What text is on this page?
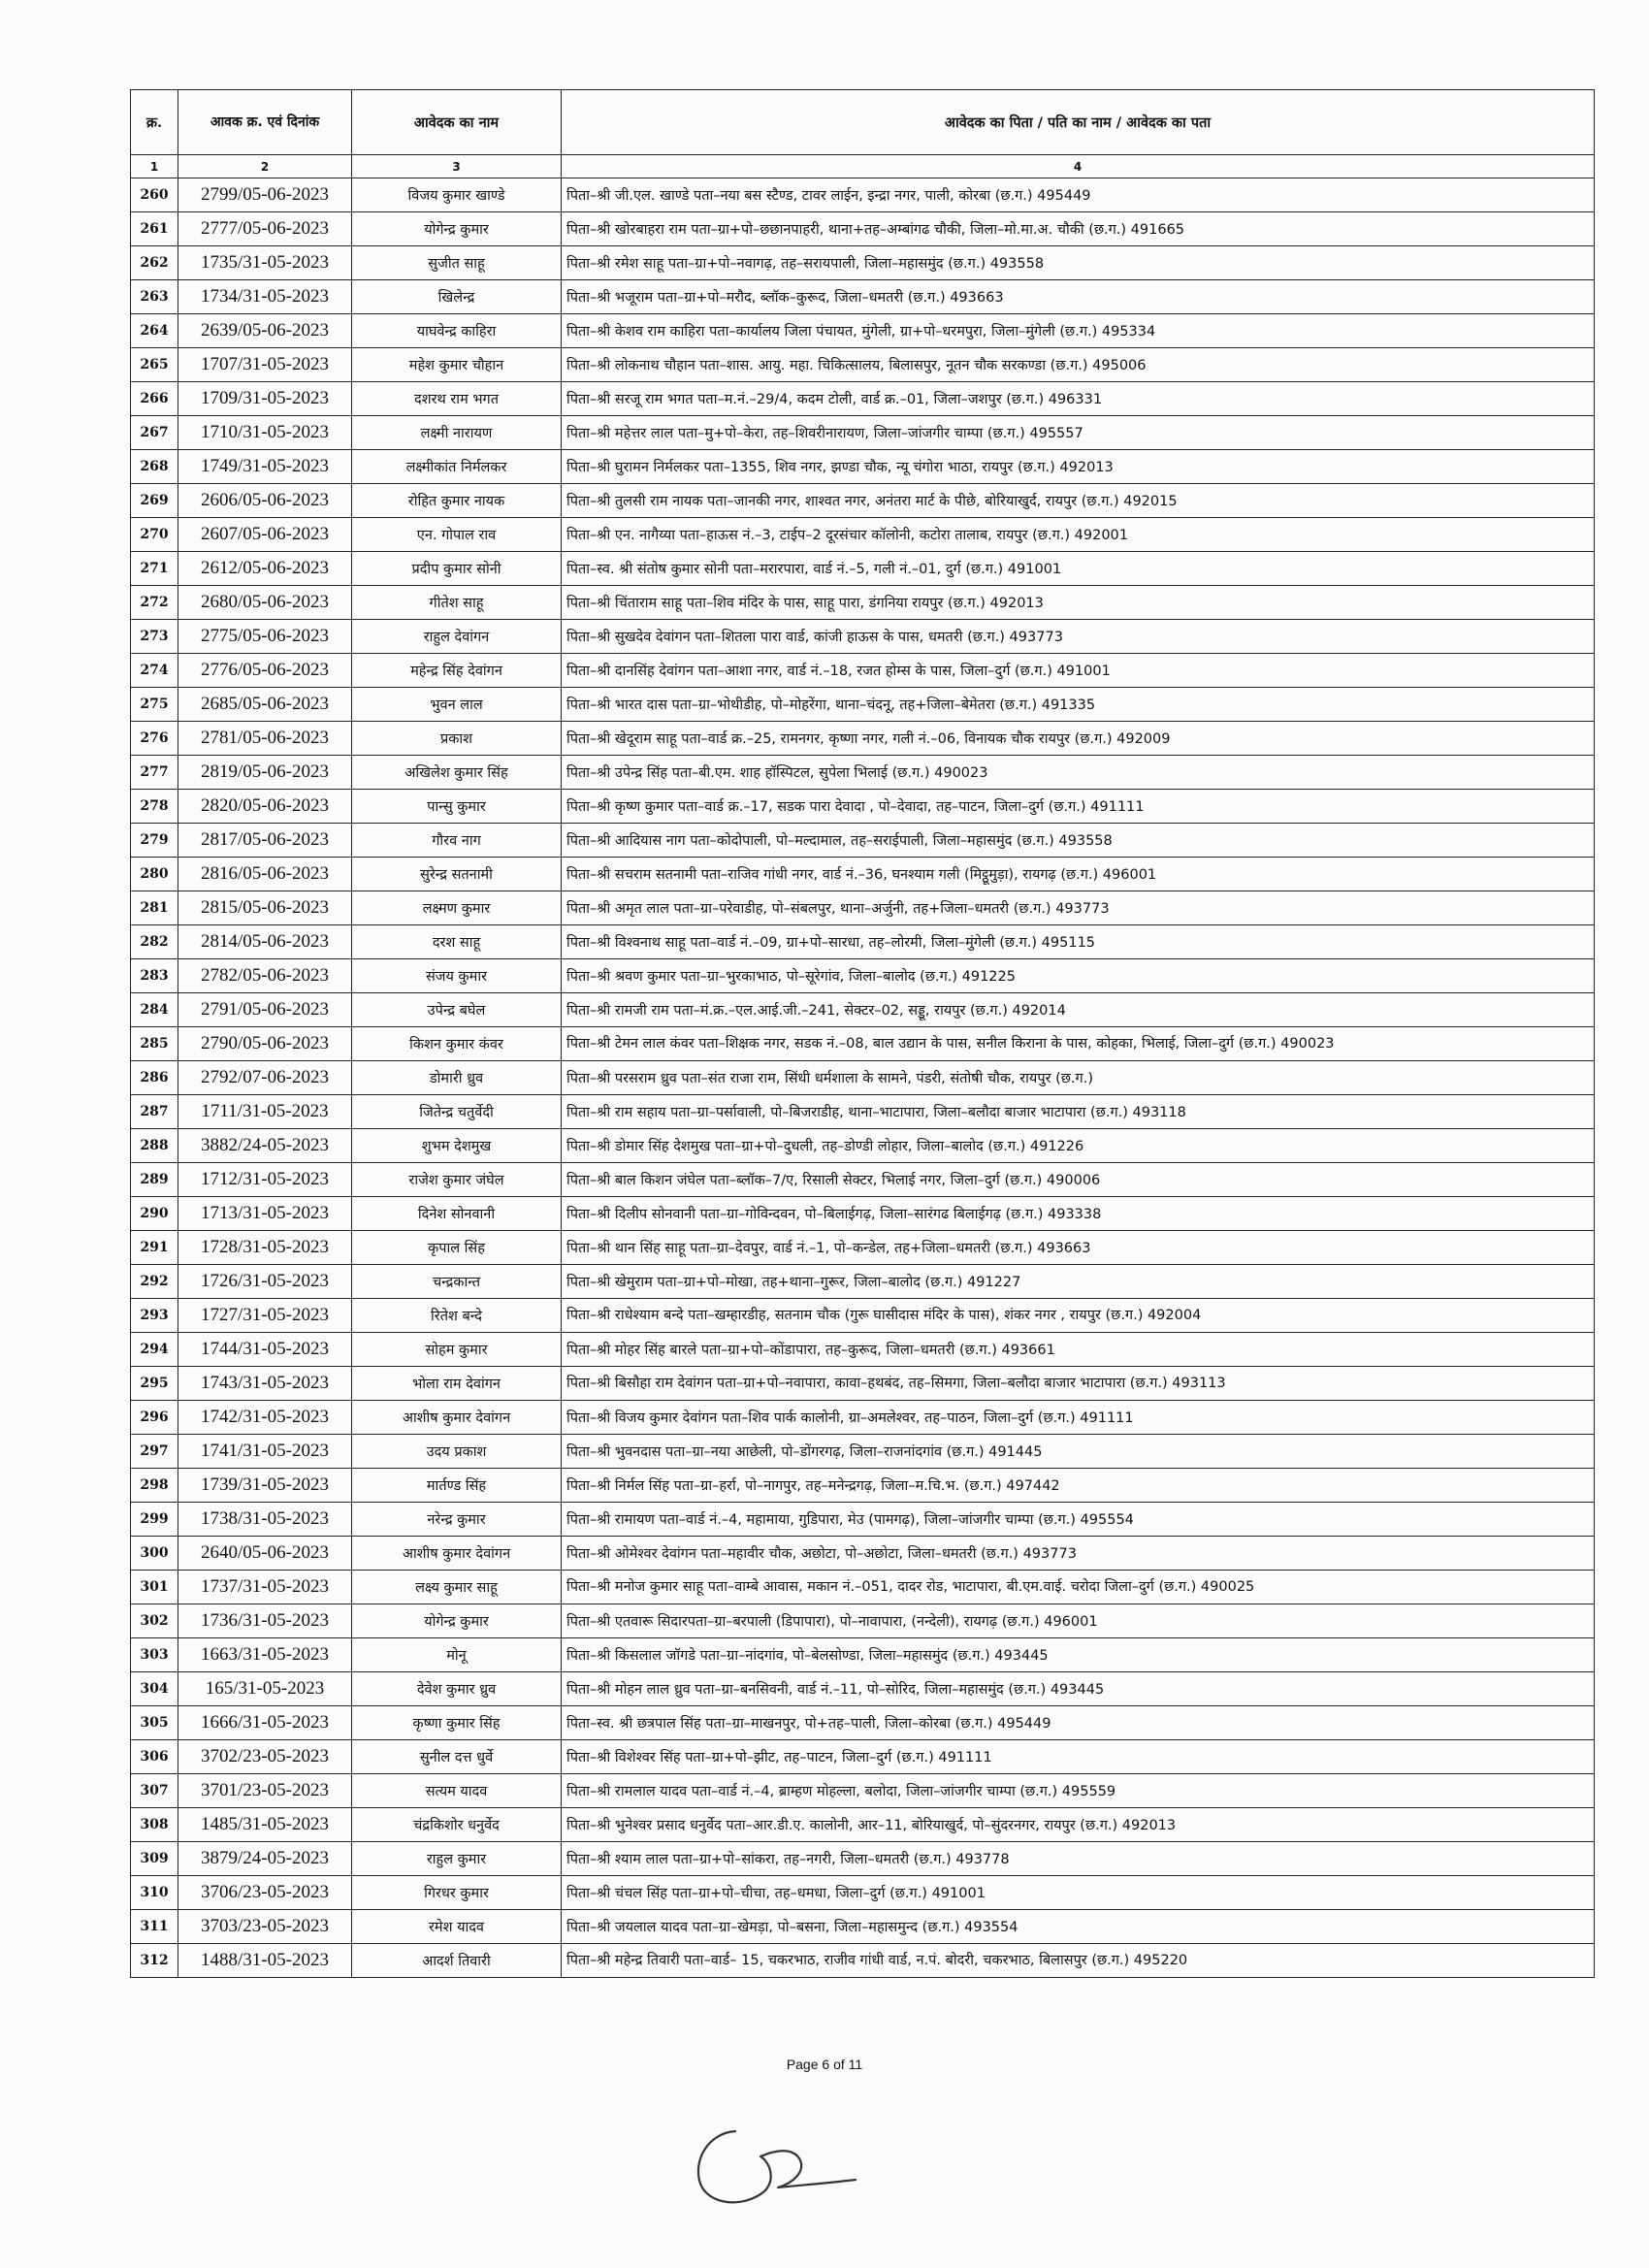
क्र.	आवक क्र. एवं दिनांक	आवेदक का नाम	आवेदक का पिता / पति का नाम / आवेदक का पता
1	2	3	4
260	2799/05-06-2023	विजय कुमार खाण्डे	पिता–श्री जी.एल. खाण्डे पता–नया बस स्टैण्ड, टावर लाईन, इन्द्रा नगर, पाली, कोरबा (छ.ग.) 495449
261	2777/05-06-2023	योगेन्द्र कुमार	पिता–श्री खोरबाहरा राम पता–ग्रा+पो–छछानपाहरी, थाना+तह–अम्बांगढ चौकी, जिला–मो.मा.अ. चौकी (छ.ग.) 491665
262	1735/31-05-2023	सुजीत साहू	पिता–श्री रमेश साहू पता–ग्रा+पो–नवागढ़, तह–सरायपाली, जिला–महासमुंद (छ.ग.) 493558
263	1734/31-05-2023	खिलेन्द्र	पिता–श्री भजूराम पता–ग्रा+पो–मरौद, ब्लॉक–कुरूद, जिला–धमतरी (छ.ग.) 493663
264	2639/05-06-2023	याघवेन्द्र काहिरा	पिता–श्री केशव राम काहिरा पता–कार्यालय जिला पंचायत, मुंगेली, ग्रा+पो–धरमपुरा, जिला–मुंगेली (छ.ग.) 495334
265	1707/31-05-2023	महेश कुमार चौहान	पिता–श्री लोकनाथ चौहान पता–शास. आयु. महा. चिकित्सालय, बिलासपुर, नूतन चौक सरकण्डा (छ.ग.) 495006
266	1709/31-05-2023	दशरथ राम भगत	पिता–श्री सरजू राम भगत पता–म.नं.–29/4, कदम टोली, वार्ड क्र.–01, जिला–जशपुर (छ.ग.) 496331
267	1710/31-05-2023	लक्ष्मी नारायण	पिता–श्री महेत्तर लाल पता–मु+पो–केरा, तह–शिवरीनारायण, जिला–जांजगीर चाम्पा (छ.ग.) 495557
268	1749/31-05-2023	लक्ष्मीकांत निर्मलकर	पिता–श्री घुरामन निर्मलकर पता–1355, शिव नगर, झण्डा चौक, न्यू चंगोरा भाठा, रायपुर (छ.ग.) 492013
269	2606/05-06-2023	रोहित कुमार नायक	पिता–श्री तुलसी राम नायक पता–जानकी नगर, शाश्वत नगर, अनंतरा मार्ट के पीछे, बोरियाखुर्द, रायपुर (छ.ग.) 492015
270	2607/05-06-2023	एन. गोपाल राव	पिता–श्री एन. नागैय्या पता–हाऊस नं.–3, टाईप–2 दूरसंचार कॉलोनी, कटोरा तालाब, रायपुर (छ.ग.) 492001
271	2612/05-06-2023	प्रदीप कुमार सोनी	पिता–स्व. श्री संतोष कुमार सोनी पता–मरारपारा, वार्ड नं.–5, गली नं.–01, दुर्ग (छ.ग.) 491001
272	2680/05-06-2023	गीतेश साहू	पिता–श्री चिंताराम साहू पता–शिव मंदिर के पास, साहू पारा, डंगनिया रायपुर (छ.ग.) 492013
273	2775/05-06-2023	राहुल देवांगन	पिता–श्री सुखदेव देवांगन पता–शितला पारा वार्ड, कांजी हाऊस के पास, धमतरी (छ.ग.) 493773
274	2776/05-06-2023	महेन्द्र सिंह देवांगन	पिता–श्री दानसिंह देवांगन पता–आशा नगर, वार्ड नं.–18, रजत होम्स के पास, जिला–दुर्ग (छ.ग.) 491001
275	2685/05-06-2023	भुवन लाल	पिता–श्री भारत दास पता–ग्रा–भोथीडीह, पो–मोहरेंगा, थाना–चंदनू, तह+जिला–बेमेतरा (छ.ग.) 491335
276	2781/05-06-2023	प्रकाश	पिता–श्री खेदूराम साहू पता–वार्ड क्र.–25, रामनगर, कृष्णा नगर, गली नं.–06, विनायक चौक रायपुर (छ.ग.) 492009
277	2819/05-06-2023	अखिलेश कुमार सिंह	पिता–श्री उपेन्द्र सिंह पता–बी.एम. शाह हॉस्पिटल, सुपेला भिलाई (छ.ग.) 490023
278	2820/05-06-2023	पान्सु कुमार	पिता–श्री कृष्ण कुमार पता–वार्ड क्र.–17, सडक पारा देवादा , पो–देवादा, तह–पाटन, जिला–दुर्ग (छ.ग.) 491111
279	2817/05-06-2023	गौरव नाग	पिता–श्री आदियास नाग पता–कोदोपाली, पो–मल्दामाल, तह–सराईपाली, जिला–महासमुंद (छ.ग.) 493558
280	2816/05-06-2023	सुरेन्द्र सतनामी	पिता–श्री सचराम सतनामी पता–राजिव गांधी नगर, वार्ड नं.–36, घनश्याम गली (मिट्ठूमुड़ा), रायगढ़ (छ.ग.) 496001
281	2815/05-06-2023	लक्ष्मण कुमार	पिता–श्री अमृत लाल पता–ग्रा–परेवाडीह, पो–संबलपुर, थाना–अर्जुनी, तह+जिला–धमतरी (छ.ग.) 493773
282	2814/05-06-2023	दरश साहू	पिता–श्री विश्वनाथ साहू पता–वार्ड नं.–09, ग्रा+पो–सारधा, तह–लोरमी, जिला–मुंगेली (छ.ग.) 495115
283	2782/05-06-2023	संजय कुमार	पिता–श्री श्रवण कुमार पता–ग्रा–भुरकाभाठ, पो–सूरेगांव, जिला–बालोद (छ.ग.) 491225
284	2791/05-06-2023	उपेन्द्र बघेल	पिता–श्री रामजी राम पता–मं.क्र.–एल.आई.जी.–241, सेक्टर–02, सड्डू, रायपुर (छ.ग.) 492014
285	2790/05-06-2023	किशन कुमार कंवर	पिता–श्री टेमन लाल कंवर पता–शिक्षक नगर, सडक नं.–08, बाल उद्यान के पास, सनील किराना के पास, कोहका, भिलाई, जिला–दुर्ग (छ.ग.) 490023
286	2792/07-06-2023	डोमारी ध्रुव	पिता–श्री परसराम ध्रुव पता–संत राजा राम, सिंधी धर्मशाला के सामने, पंडरी, संतोषी चौक, रायपुर (छ.ग.)
287	1711/31-05-2023	जितेन्द्र चतुर्वेदी	पिता–श्री राम सहाय पता–ग्रा–पर्सावाली, पो–बिजराडीह, थाना–भाटापारा, जिला–बलौदा बाजार भाटापारा (छ.ग.) 493118
288	3882/24-05-2023	शुभम देशमुख	पिता–श्री डोमार सिंह देशमुख पता–ग्रा+पो–दुधली, तह–डोण्डी लोहार, जिला–बालोद (छ.ग.) 491226
289	1712/31-05-2023	राजेश कुमार जंघेल	पिता–श्री बाल किशन जंघेल पता–ब्लॉक–7/ए, रिसाली सेक्टर, भिलाई नगर, जिला–दुर्ग (छ.ग.) 490006
290	1713/31-05-2023	दिनेश सोनवानी	पिता–श्री दिलीप सोनवानी पता–ग्रा–गोविन्दवन, पो–बिलाईगढ़, जिला–सारंगढ बिलाईगढ़ (छ.ग.) 493338
291	1728/31-05-2023	कृपाल सिंह	पिता–श्री थान सिंह साहू पता–ग्रा–देवपुर, वार्ड नं.–1, पो–कन्डेल, तह+जिला–धमतरी (छ.ग.) 493663
292	1726/31-05-2023	चन्द्रकान्त	पिता–श्री खेमुराम पता–ग्रा+पो–मोखा, तह+थाना–गुरूर, जिला–बालोद (छ.ग.) 491227
293	1727/31-05-2023	रितेश बन्दे	पिता–श्री राधेश्याम बन्दे पता–खम्हारडीह, सतनाम चौक (गुरू घासीदास मंदिर के पास), शंकर नगर , रायपुर (छ.ग.) 492004
294	1744/31-05-2023	सोहम कुमार	पिता–श्री मोहर सिंह बारले पता–ग्रा+पो–कोंडापारा, तह–कुरूद, जिला–धमतरी (छ.ग.) 493661
295	1743/31-05-2023	भोला राम देवांगन	पिता–श्री बिसौहा राम देवांगन पता–ग्रा+पो–नवापारा, कावा–हथबंद, तह–सिमगा, जिला–बलौदा बाजार भाटापारा (छ.ग.) 493113
296	1742/31-05-2023	आशीष कुमार देवांगन	पिता–श्री विजय कुमार देवांगन पता–शिव पार्क कालोनी, ग्रा–अमलेश्वर, तह–पाठन, जिला–दुर्ग (छ.ग.) 491111
297	1741/31-05-2023	उदय प्रकाश	पिता–श्री भुवनदास पता–ग्रा–नया आछेली, पो–डोंगरगढ़, जिला–राजनांदगांव (छ.ग.) 491445
298	1739/31-05-2023	मार्तण्ड सिंह	पिता–श्री निर्मल सिंह पता–ग्रा–हर्रा, पो–नागपुर, तह–मनेन्द्रगढ़, जिला–म.चि.भ. (छ.ग.) 497442
299	1738/31-05-2023	नरेन्द्र कुमार	पिता–श्री रामायण पता–वार्ड नं.–4, महामाया, गुडिपारा, मेउ (पामगढ़), जिला–जांजगीर चाम्पा (छ.ग.) 495554
300	2640/05-06-2023	आशीष कुमार देवांगन	पिता–श्री ओमेश्वर देवांगन पता–महावीर चौक, अछोटा, पो–अछोटा, जिला–धमतरी (छ.ग.) 493773
301	1737/31-05-2023	लक्ष्य कुमार साहू	पिता–श्री मनोज कुमार साहू पता–वाम्बे आवास, मकान नं.–051, दादर रोड, भाटापारा, बी.एम.वाई. चरोदा जिला–दुर्ग (छ.ग.) 490025
302	1736/31-05-2023	योगेन्द्र कुमार	पिता–श्री एतवारू सिदारपता–ग्रा–बरपाली (डिपापारा), पो–नावापारा, (नन्देली), रायगढ़ (छ.ग.) 496001
303	1663/31-05-2023	मोनू	पिता–श्री किसलाल जॉगडे पता–ग्रा–नांदगांव, पो–बेलसोण्डा, जिला–महासमुंद (छ.ग.) 493445
304	165/31-05-2023	देवेश कुमार ध्रुव	पिता–श्री मोहन लाल ध्रुव पता–ग्रा–बनसिवनी, वार्ड नं.–11, पो–सोरिद, जिला–महासमुंद (छ.ग.) 493445
305	1666/31-05-2023	कृष्णा कुमार सिंह	पिता–स्व. श्री छत्रपाल सिंह पता–ग्रा–माखनपुर, पो+तह–पाली, जिला–कोरबा (छ.ग.) 495449
306	3702/23-05-2023	सुनील दत्त धुर्वे	पिता–श्री विशेश्वर सिंह पता–ग्रा+पो–झीट, तह–पाटन, जिला–दुर्ग (छ.ग.) 491111
307	3701/23-05-2023	सत्यम यादव	पिता–श्री रामलाल यादव पता–वार्ड नं.–4, ब्राम्हण मोहल्ला, बलोदा, जिला–जांजगीर चाम्पा (छ.ग.) 495559
308	1485/31-05-2023	चंद्रकिशोर धनुर्वेद	पिता–श्री भुनेश्वर प्रसाद धनुर्वेद पता–आर.डी.ए. कालोनी, आर–11, बोरियाखुर्द, पो–सुंदरनगर, रायपुर (छ.ग.) 492013
309	3879/24-05-2023	राहुल कुमार	पिता–श्री श्याम लाल पता–ग्रा+पो–सांकरा, तह–नगरी, जिला–धमतरी (छ.ग.) 493778
310	3706/23-05-2023	गिरधर कुमार	पिता–श्री चंचल सिंह पता–ग्रा+पो–चीचा, तह–धमधा, जिला–दुर्ग (छ.ग.) 491001
311	3703/23-05-2023	रमेश यादव	पिता–श्री जयलाल यादव पता–ग्रा–खेमड़ा, पो–बसना, जिला–महासमुन्द (छ.ग.) 493554
312	1488/31-05-2023	आदर्श तिवारी	पिता–श्री महेन्द्र तिवारी पता–वार्ड– 15, चकरभाठ, राजीव गांधी वार्ड, न.पं. बोदरी, चकरभाठ, बिलासपुर (छ.ग.) 495220
Page 6 of 11
